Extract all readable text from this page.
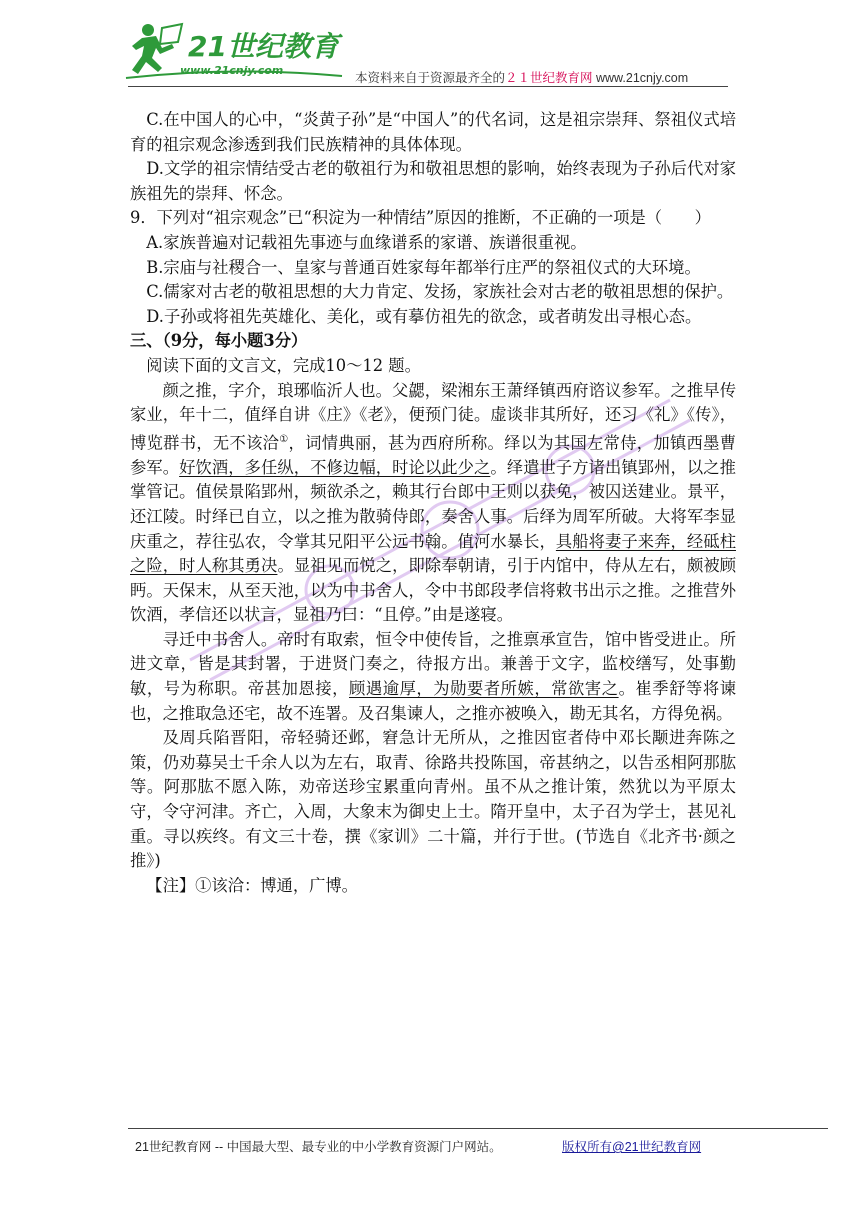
21世纪教育
www.21cnjy.com
本资料来自于资源最齐全的２１世纪教育网 www.21cnjy.com

C.在中国人的心中，“炎黄子孙”是“中国人”的代名词，这是祖宗崇拜、祭祖仪式培育的祖宗观念渗透到我们民族精神的具体体现。

D.文学的祖宗情结受古老的敬祖行为和敬祖思想的影响，始终表现为子孙后代对家族祖先的崇拜、怀念。

9．下列对“祖宗观念”已“积淀为一种情结”原因的推断，不正确的一项是（　　）

A.家族普遍对记载祖先事迹与血缘谱系的家谱、族谱很重视。

B.宗庙与社稷合一、皇家与普通百姓家每年都举行庄严的祭祖仪式的大环境。

C.儒家对古老的敬祖思想的大力肯定、发扬，家族社会对古老的敬祖思想的保护。

D.子孙或将祖先英雄化、美化，或有摹仿祖先的欲念，或者萌发出寻根心态。

三、（9分，每小题3分）

阅读下面的文言文，完成10～12 题。

颜之推，字介，琅琊临沂人也。父勰，梁湘东王萧绎镇西府谘议参军。之推早传家业，年十二，值绎自讲《庄》《老》，便预门徒。虚谈非其所好，还习《礼》《传》，博览群书，无不该洽①，词情典丽，甚为西府所称。绎以为其国左常侍，加镇西墨曹参军。好饮酒，多任纵，不修边幅，时论以此少之。绎遣世子方诸出镇郢州，以之推掌管记。值侯景陷郢州，频欲杀之，赖其行台郎中王则以获免，被囚送建业。景平，还江陵。时绎已自立，以之推为散骑侍郎，奏舍人事。后绎为周军所破。大将军李显庆重之，荐往弘农，令掌其兄阳平公远书翰。值河水暴长，具船将妻子来奔，经砥柱之险，时人称其勇决。显祖见而悦之，即除奉朝请，引于内馆中，侍从左右，颇被顾眄。天保末，从至天池，以为中书舍人，令中书郎段孝信将敕书出示之推。之推营外饮酒，孝信还以状言，显祖乃曰：“且停。”由是遂寝。

寻迁中书舍人。帝时有取索，恒令中使传旨，之推禀承宣告，馆中皆受进止。所进文章，皆是其封署，于进贤门奏之，待报方出。兼善于文字，监校缮写，处事勤敏，号为称职。帝甚加恩接，顾遇逾厚，为勋要者所嫉，常欲害之。崔季舒等将谏也，之推取急还宅，故不连署。及召集谏人，之推亦被唤入，勘无其名，方得免祸。

及周兵陷晋阳，帝轻骑还邺，窘急计无所从，之推因宦者侍中邓长颙进奔陈之策，仍劝募吴士千余人以为左右，取青、徐路共投陈国，帝甚纳之，以告丞相阿那肱等。阿那肱不愿入陈，劝帝送珍宝累重向青州。虽不从之推计策，然犹以为平原太守，令守河津。齐亡，入周，大象末为御史上士。隋开皇中，太子召为学士，甚见礼重。寻以疾终。有文三十卷，撰《家训》二十篇，并行于世。(节选自《北齐书·颜之推》)

【注】①该洽：博通，广博。

21世纪教育网 -- 中国最大型、最专业的中小学教育资源门户网站。	版权所有@21世纪教育网
